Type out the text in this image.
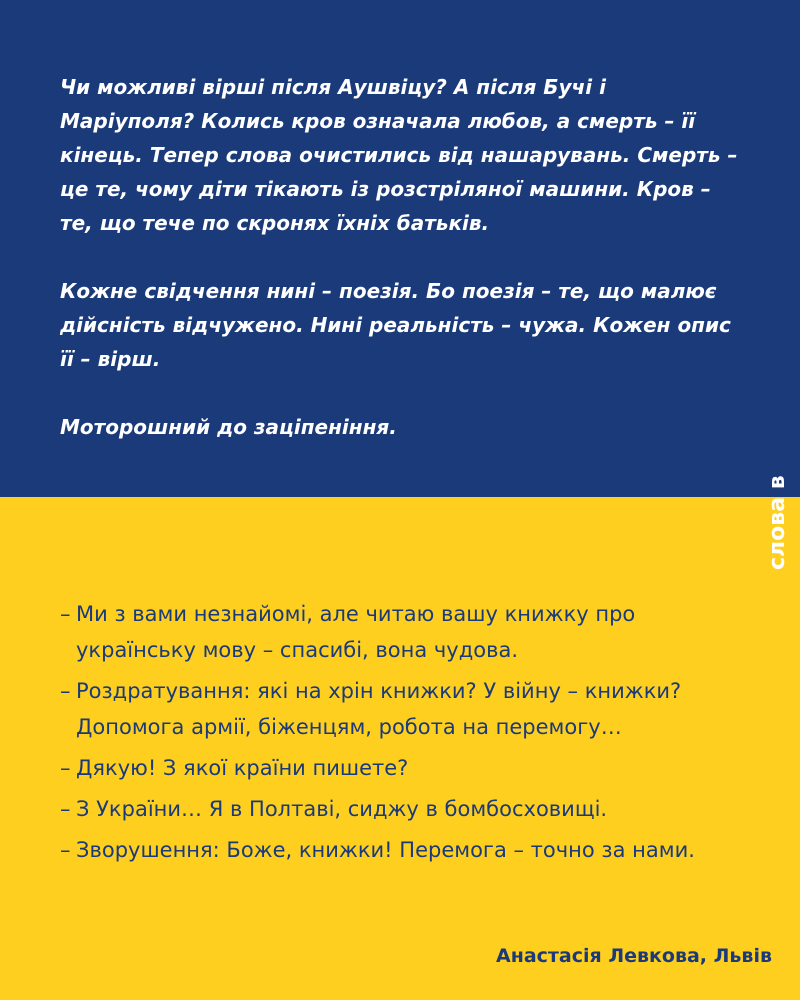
Чи можливі вірші після Аушвіцу? А після Бучі і Маріуполя? Колись кров означала любов, а смерть – її кінець. Тепер слова очистились від нашарувань. Смерть – це те, чому діти тікають із розстріляної машини. Кров – те, що тече по скронях їхніх батьків.

Кожне свідчення нині – поезія. Бо поезія – те, що малює дійсність відчужено. Нині реальність – чужа. Кожен опис її – вірш.

Моторошний до заціпеніння.

слова вдію
– Ми з вами незнайомі, але читаю вашу книжку про українську мову – спасибі, вона чудова.
– Роздратування: які на хрін книжки? У війну – книжки? Допомога армії, біженцям, робота на перемогу…
– Дякую! З якої країни пишете?
– З України… Я в Полтаві, сиджу в бомбосховищі.
– Зворушення: Боже, книжки! Перемога – точно за нами.
Анастасія Левкова, Львів
